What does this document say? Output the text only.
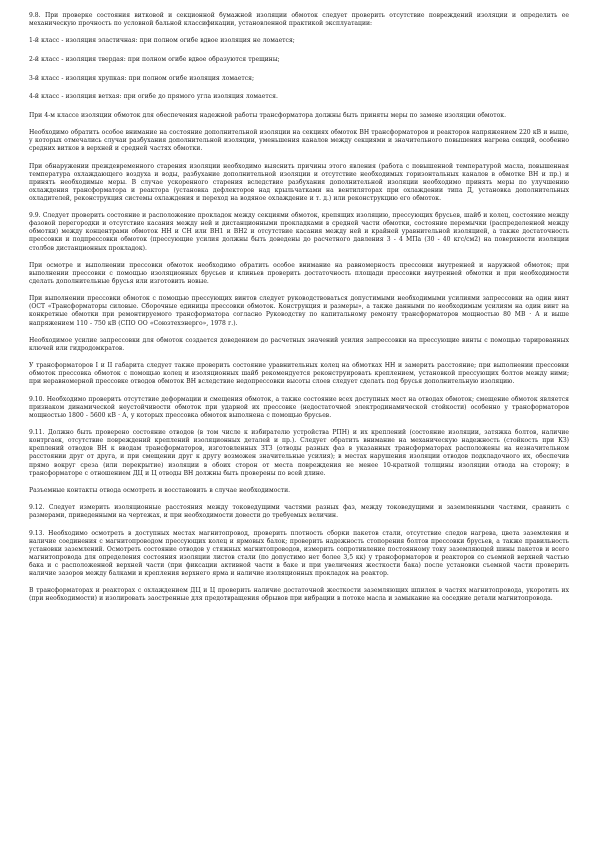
9.8. При проверке состояния витковой и секционной бумажной изоляции обмоток следует проверить отсутствие повреждений изоляции и определить ее механическую прочность по условной бальной классификации, установленной практикой эксплуатации:

1-й класс - изоляция эластичная: при полном огибе вдвое изоляция не ломается;

2-й класс - изоляция твердая: при полном огибе вдвое образуются трещины;

3-й класс - изоляция хрупкая: при полном огибе изоляция ломается;

4-й класс - изоляция ветхая: при огибе до прямого угла изоляция ломается.

При 4-м классе изоляции обмоток для обеспечения надежной работы трансформатора должны быть приняты меры по замене изоляции обмоток.

Необходимо обратить особое внимание на состояние дополнительной изоляции на секциях обмоток ВН трансформаторов и реакторов напряжением 220 кВ и выше, у которых отмечались случаи разбухания дополнительной изоляции, уменьшения каналов между секциями и значительного повышения нагрева секций, особенно средних витков в верхней и средней частях обмотки.

При обнаружении преждевременного старения изоляции необходимо выяснить причины этого явления (работа с повышенной температурой масла, повышенная температура охлаждающего воздуха и воды, разбухание дополнительной изоляции и отсутствие необходимых горизонтальных каналов в обмотке ВН и пр.) и принять необходимые меры. В случае ускоренного старения вследствие разбухания дополнительной изоляции необходимо принять меры по улучшению охлаждения трансформатора и реактора (установка дефлекторов над крыльчатками на вентиляторах при охлаждении типа Д, установка дополнительных охладителей, реконструкция системы охлаждения и переход на водяное охлаждение и т. д.) или реконструкцию его обмоток.

9.9. Следует проверить состояние и расположение прокладок между секциями обмоток, крепящих изоляцию, прессующих брусьев, шайб и колец, состояние между фазовой перегородки и отсутствие касания между ней и дистанционными прокладками в средней части обмотки, состояние перемычки (распределенной между обмотки) между концентрами обмоток НН и СН или ВН1 и ВН2 и отсутствие касания между ней и крайней уравнительной изоляцией, а также достаточность прессовки и подпрессовки обмоток (прессующие усилия должны быть доведены до расчетного давления 3 - 4 МПа (30 - 40 кгс/см2) на поверхности изоляции столбов дистанционных прокладок).

При осмотре и выполнении прессовки обмоток необходимо обратить особое внимание на равномерность прессовки внутренней и наружной обмоток; при выполнении прессовки с помощью изоляционных брусьев и клиньев проверить достаточность площади прессовки внутренней обмотки и при необходимости сделать дополнительные брусья или изготовить новые.

При выполнении прессовки обмоток с помощью прессующих винтов следует руководствоваться допустимыми необходимыми усилиями запрессовки на один винт (ОСТ «Трансформаторы силовые. Сборочные единицы прессовки обмоток. Конструкция и размеры», а также данными по необходимым усилиям на один винт на конкретные обмотки при ремонтируемого трансформатора согласно Руководству по капитальному ремонту трансформаторов мощностью 80 МВ · А и выше напряжением 110 - 750 кВ (СПО ОО «Союзтехэнерго», 1978 г.).

Необходимое усилие запрессовки для обмоток создается доведением до расчетных значений усилия запрессовки на прессующие винты с помощью тарированных ключей или гидродомкратов.

У трансформаторов I и II габарита следует также проверить состояние уравнительных колец на обмотках НН и замерить расстояние; при выполнении прессовки обмоток прессовка обмоток с помощью колец и изоляционных шайб рекомендуется реконструировать креплением, установкой прессующих болтов между ними; при неравномерной прессовке отводов обмоток ВН вследствие недопрессовки высоты слоев следует сделать под брусья дополнительную изоляцию.

9.10. Необходимо проверить отсутствие деформации и смещения обмоток, а также состояние всех доступных мест на отводах обмоток; смещение обмоток является признаком динамической неустойчивости обмоток при ударной их прессовке (недостаточной электродинамической стойкости) особенно у трансформаторов мощностью 1800 - 5600 кВ · А, у которых прессовка обмоток выполнена с помощью брусьев.

9.11. Должно быть проверено состояние отводов (в том числе к избирателю устройства РПН) и их креплений (состояние изоляции, затяжка болтов, наличие контргаек, отсутствие повреждений креплений изоляционных деталей и пр.). Следует обратить внимание на механическую надежность (стойкость при КЗ) креплений отводов ВН к вводам трансформаторов, изготовленных ЗТЗ (отводы разных фаз в указанных трансформаторах расположены на незначительном расстоянии друг от друга, и при смещении друг к другу возможен значительные усилия); в местах нарушения изоляции отводов подкладочного их, обеспечив прямо вокруг среза (или перекрытие) изоляции в обоих сторон от места повреждения не менее 10-кратной толщины изоляции отвода на сторону; в трансформаторе с отношением ДЦ и Ц отводы ВН должны быть проверены по всей длине.

Разъемные контакты отвода осмотреть и восстановить в случае необходимости.

9.12. Следует измерить изоляционные расстояния между токоведущими частями разных фаз, между токоведущими и заземленными частями, сравнить с размерами, приведенными на чертежах, и при необходимости довести до требуемых величин.

9.13. Необходимо осмотреть в доступных местах магнитопровод, проверить плотность сборки пакетов стали, отсутствие следов нагрева, цвета заземления и наличие соединения с магнитопроводом прессующих колец и ярмовых балок; проверить надежность стопорения болтов прессовки брусьев, а также правильность установки заземлений. Осмотреть состояние отводов у стяжных магнитопроводов, измерить сопротивление постоянному току заземляющей шины пакетов и всего магнитопровода для определения состояния изоляции листов стали (по допустимо нет более 3,5 кк) у трансформаторов и реакторов со съемной верхней частью бака и с расположенной верхней части (при фиксации активной части в баке и при увеличения жесткости бака) после установки съемной части проверить наличие зазоров между балками и крепления верхнего ярма и наличие изоляционных прокладок на реактор.

В трансформаторах и реакторах с охлаждением ДЦ и Ц проверить наличие достаточной жесткости заземляющих шпилек в частях магнитопровода, укоротить их (при необходимости) и изолировать заостренные для предотвращения обрывов при вибрации в потоке масла и замыкание на соседние детали магнитопровода.
